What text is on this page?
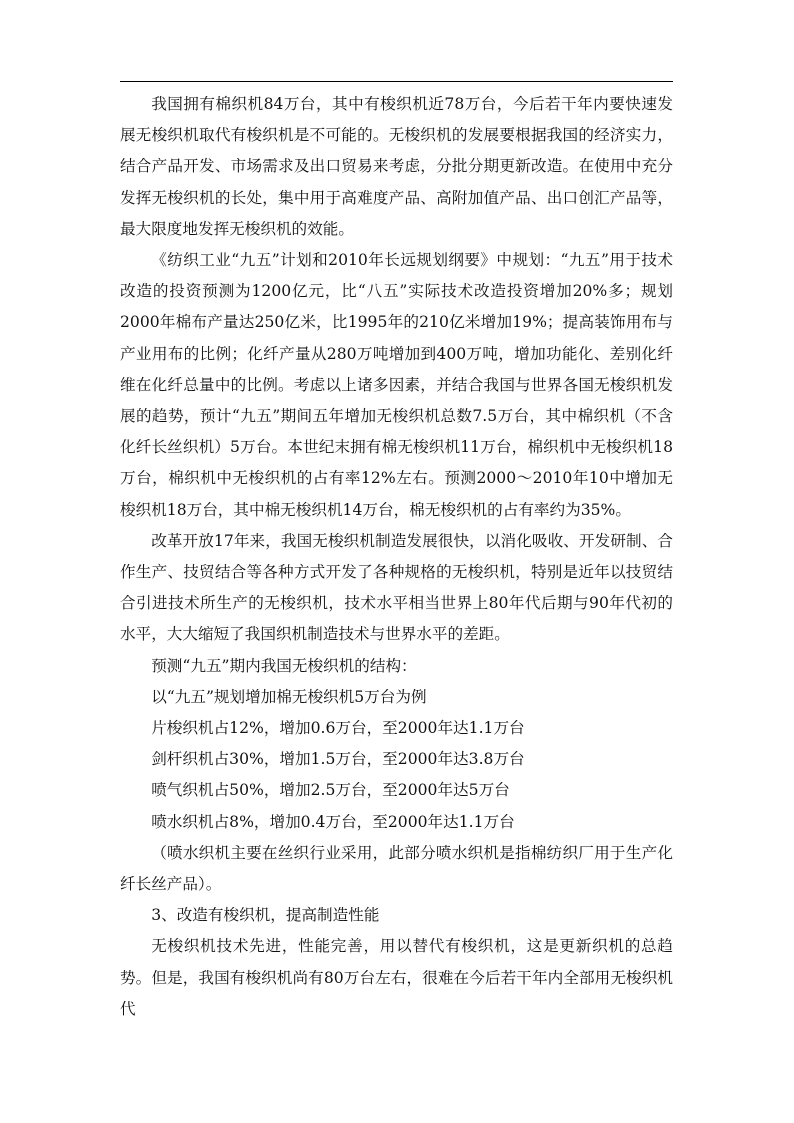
我国拥有棉织机84万台，其中有梭织机近78万台，今后若干年内要快速发展无梭织机取代有梭织机是不可能的。无梭织机的发展要根据我国的经济实力，结合产品开发、市场需求及出口贸易来考虑，分批分期更新改造。在使用中充分发挥无梭织机的长处，集中用于高难度产品、高附加值产品、出口创汇产品等，最大限度地发挥无梭织机的效能。

《纺织工业“九五”计划和2010年长远规划纲要》中规划：“九五”用于技术改造的投资预测为1200亿元，比“八五”实际技术改造投资增加20%多；规划2000年棉布产量达250亿米，比1995年的210亿米增加19%；提高装饰用布与产业用布的比例；化纤产量从280万吨增加到400万吨，增加功能化、差别化纤维在化纤总量中的比例。考虑以上诸多因素，并结合我国与世界各国无梭织机发展的趋势，预计“九五”期间五年增加无梭织机总数7.5万台，其中棉织机（不含化纤长丝织机）5万台。本世纪末拥有棉无梭织机11万台，棉织机中无梭织机18万台，棉织机中无梭织机的占有率12%左右。预测2000～2010年10中增加无梭织机18万台，其中棉无梭织机14万台，棉无梭织机的占有率约为35%。

改革开放17年来，我国无梭织机制造发展很快，以消化吸收、开发研制、合作生产、技贸结合等各种方式开发了各种规格的无梭织机，特别是近年以技贸结合引进技术所生产的无梭织机，技术水平相当世界上80年代后期与90年代初的水平，大大缩短了我国织机制造技术与世界水平的差距。

预测“九五”期内我国无梭织机的结构：

以“九五”规划增加棉无梭织机5万台为例

片梭织机占12%，增加0.6万台，至2000年达1.1万台

剑杆织机占30%，增加1.5万台，至2000年达3.8万台

喷气织机占50%，增加2.5万台，至2000年达5万台

喷水织机占8%，增加0.4万台，至2000年达1.1万台

（喷水织机主要在丝织行业采用，此部分喷水织机是指棉纺织厂用于生产化纤长丝产品）。

3、改造有梭织机，提高制造性能

无梭织机技术先进，性能完善，用以替代有梭织机，这是更新织机的总趋势。但是，我国有梭织机尚有80万台左右，很难在今后若干年内全部用无梭织机代
